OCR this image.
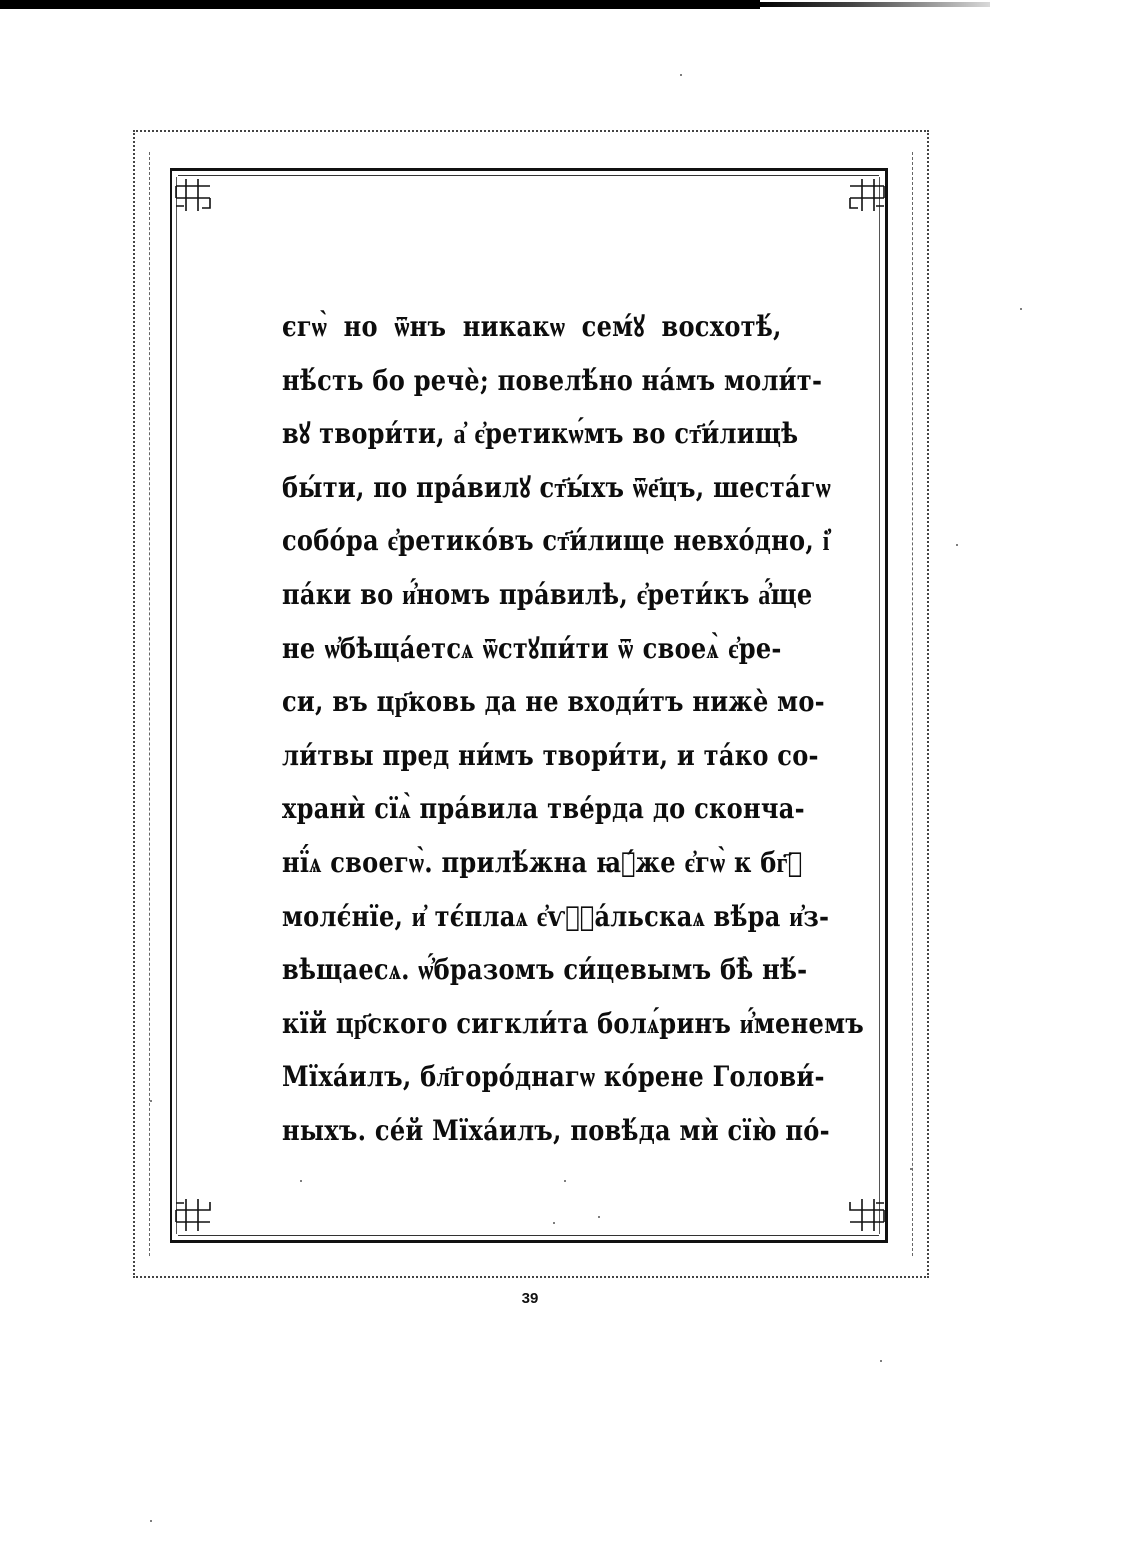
єгѡ̀ но ѿнъ никакѡ сем́ꙋ восхотѣ́,
нѣ́сть бо речѐ; повелѣ́но на́мъ моли́т-
вꙋ твори́ти, а҆ є҆ретикѡ́мъ во ст҃и́лищѣ
бы́ти, по пра́вилꙋ ст҃ы́хъ ѿе҃цъ, шеста́гѡ
собо́ра є҆ретико́въ ст҃и́лище невхо́дно, і҆
па́ки во и҆́номъ пра́вилѣ, є҆рети́къ а҆́ще
не ѡ҆бѣща́етсѧ ѿстꙋпи́ти ѿ своеѧ̀ є҆ре-
си, въ цр҃ковь да не входи́тъ нижѐ мо-
ли́твы пред ни́мъ твори́ти, и та́ко со-
хранѝ сїѧ̀ пра́вила тве́рда до сконча-
нї́ѧ своегѡ̀. прилѣ́жна ꙗ҆́же є҆гѡ̀ к бг҃ꙋ
молє́нїе, и҆ тє́плаѧ є҆ѵⷢ҇а́льскаѧ вѣ́ра и҆з-
вѣщаесѧ. ѡ҆́бразомъ си́цевымъ бѣ̀ нѣ́-
кїй цр҃ского сигкли́та болѧ́ринъ и҆́менемъ
Мїха́илъ, бл҃горо́днагѡ ко́рене Голови́-
ныхъ. се́й Мїха́илъ, повѣ́да мѝ сїю̀ по́-
39
